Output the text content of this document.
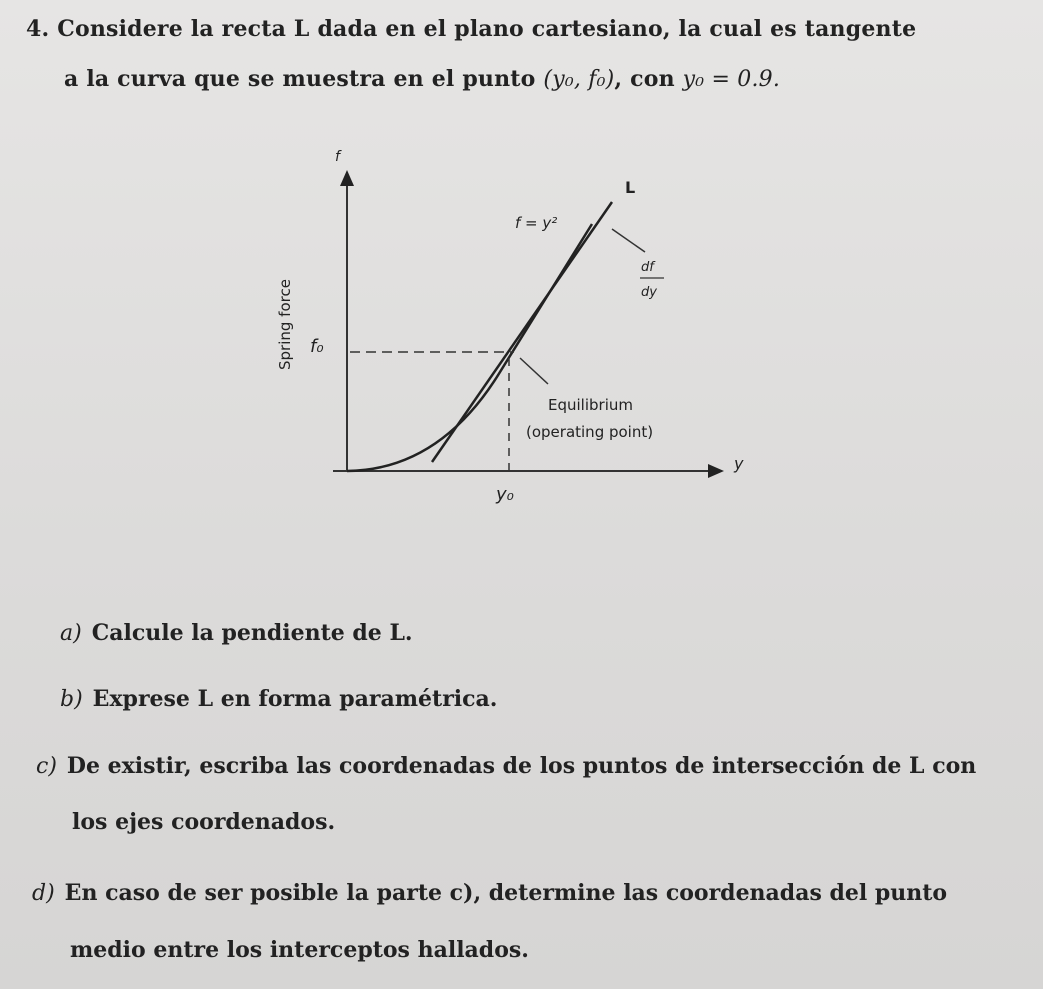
4. Considere la recta L dada en el plano cartesiano, la cual es tangente
a la curva que se muestra en el punto (y₀, f₀), con y₀ = 0.9.
f
L
f = y²
df
dy
Spring force f₀
Equilibrium
(operating point)
y
y₀
a) Calcule la pendiente de L.
b) Exprese L en forma paramétrica.
c) De existir, escriba las coordenadas de los puntos de intersección de L con
los ejes coordenados.
d) En caso de ser posible la parte c), determine las coordenadas del punto
medio entre los interceptos hallados.
